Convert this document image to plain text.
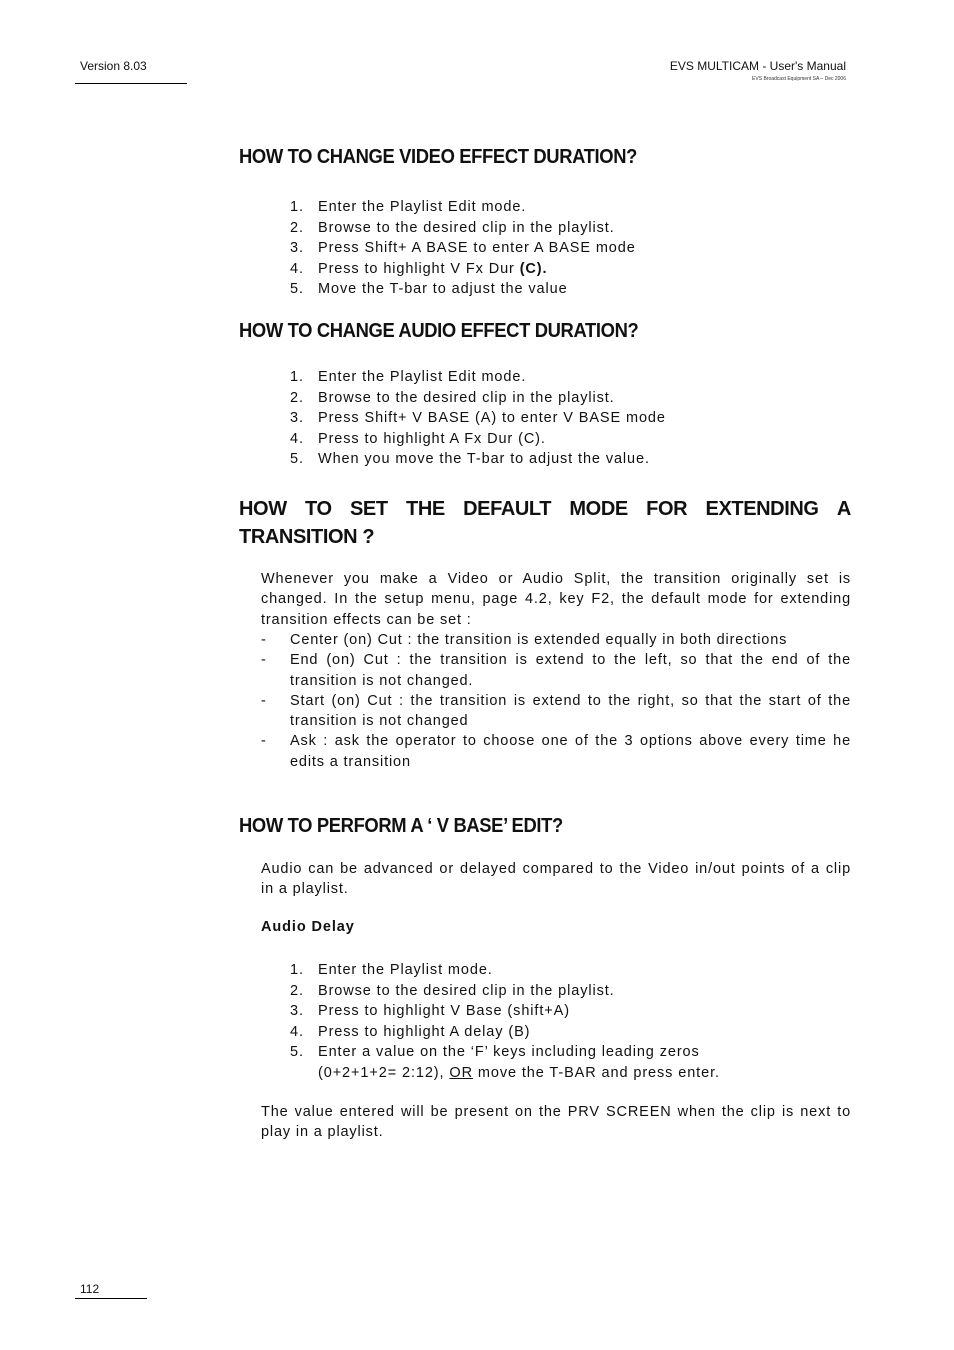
Version 8.03	EVS MULTICAM - User's Manual
EVS Broadcast Equipment SA – Dec 2006
HOW TO CHANGE VIDEO EFFECT DURATION?
1. Enter the Playlist Edit mode.
2. Browse to the desired clip in the playlist.
3. Press Shift+ A BASE to enter A BASE mode
4. Press to highlight V Fx Dur (C).
5. Move the T-bar to adjust the value
HOW TO CHANGE AUDIO EFFECT DURATION?
1. Enter the Playlist Edit mode.
2. Browse to the desired clip in the playlist.
3. Press Shift+ V BASE (A) to enter V BASE mode
4. Press to highlight A Fx Dur (C).
5. When you move the T-bar to adjust the value.
HOW TO SET THE DEFAULT MODE FOR EXTENDING A
TRANSITION ?
Whenever you make a Video or Audio Split, the transition originally set is changed. In the setup menu, page 4.2, key F2, the default mode for extending transition effects can be set :
- Center (on) Cut : the transition is extended equally in both directions
- End (on) Cut : the transition is extend to the left, so that the end of the transition is not changed.
- Start (on) Cut : the transition is extend to the right, so that the start of the transition is not changed
- Ask : ask the operator to choose one of the 3 options above every time he edits a transition
HOW TO PERFORM A ‘ V BASE’ EDIT?
Audio can be advanced or delayed compared to the Video in/out points of a clip in a playlist.
Audio Delay
1. Enter the Playlist mode.
2. Browse to the desired clip in the playlist.
3. Press to highlight V Base (shift+A)
4. Press to highlight A delay (B)
5. Enter a value on the ‘F’ keys including leading zeros
(0+2+1+2= 2:12), OR move the T-BAR and press enter.
The value entered will be present on the PRV SCREEN when the clip is next to play in a playlist.
112
